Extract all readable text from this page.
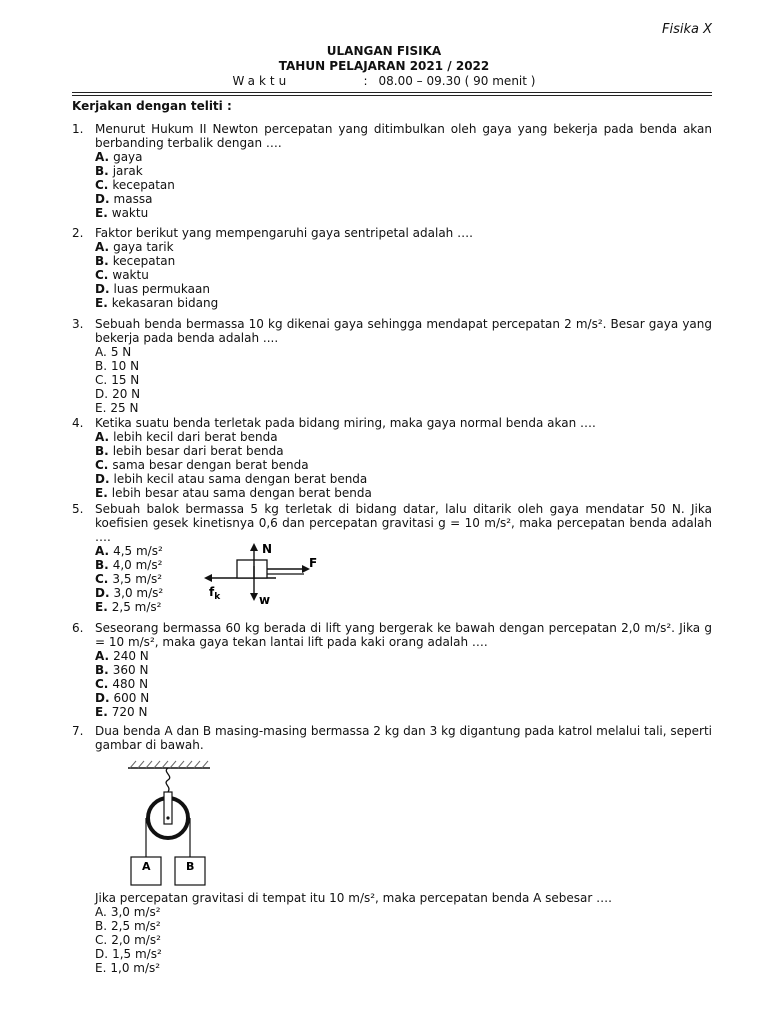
Fisika X
ULANGAN FISIKA
TAHUN PELAJARAN 2021 / 2022
Waktu	: 08.00 – 09.30 ( 90 menit )
Kerjakan dengan teliti :
1. Menurut Hukum II Newton percepatan yang ditimbulkan oleh gaya yang bekerja pada benda akan berbanding terbalik dengan ….
A. gaya
B. jarak
C. kecepatan
D. massa
E. waktu
2. Faktor berikut yang mempengaruhi gaya sentripetal adalah ….
A. gaya tarik
B. kecepatan
C. waktu
D. luas permukaan
E. kekasaran bidang
3. Sebuah benda bermassa 10 kg dikenai gaya sehingga mendapat percepatan 2 m/s². Besar gaya yang bekerja pada benda adalah ....
A. 5 N
B. 10 N
C. 15 N
D. 20 N
E. 25 N
4. Ketika suatu benda terletak pada bidang miring, maka gaya normal benda akan ….
A. lebih kecil dari berat benda
B. lebih besar dari berat benda
C. sama besar dengan berat benda
D. lebih kecil atau sama dengan berat benda
E. lebih besar atau sama dengan berat benda
5. Sebuah balok bermassa 5 kg terletak di bidang datar, lalu ditarik oleh gaya mendatar 50 N. Jika koefisien gesek kinetisnya 0,6 dan percepatan gravitasi g = 10 m/s², maka percepatan benda adalah ….
A. 4,5 m/s²
B. 4,0 m/s²
C. 3,5 m/s²
D. 3,0 m/s²
E. 2,5 m/s²
N
F
$f_k$	w
6. Seseorang bermassa 60 kg berada di lift yang bergerak ke bawah dengan percepatan 2,0 m/s². Jika g = 10 m/s², maka gaya tekan lantai lift pada kaki orang adalah ….
A. 240 N
B. 360 N
C. 480 N
D. 600 N
E. 720 N
7. Dua benda A dan B masing-masing bermassa 2 kg dan 3 kg digantung pada katrol melalui tali, seperti gambar di bawah.
A	B
Jika percepatan gravitasi di tempat itu 10 m/s², maka percepatan benda A sebesar ….
A. 3,0 m/s²
B. 2,5 m/s²
C. 2,0 m/s²
D. 1,5 m/s²
E. 1,0 m/s²
